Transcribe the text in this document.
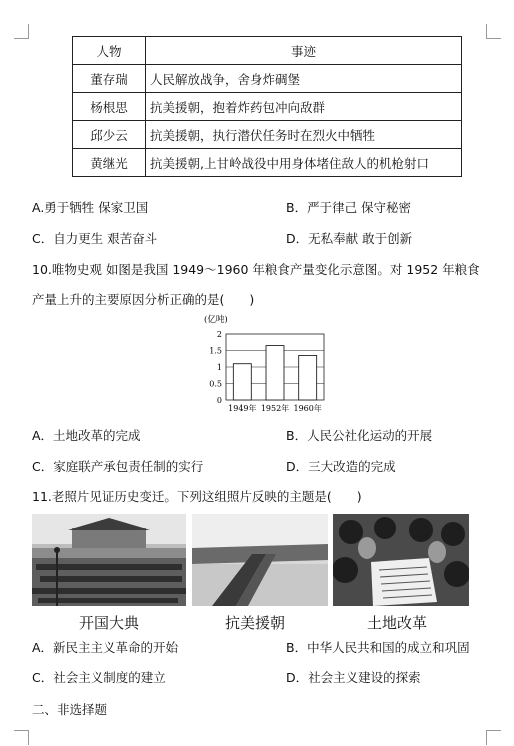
人物	事迹
董存瑞	人民解放战争，舍身炸碉堡
杨根思	抗美援朝，抱着炸药包冲向敌群
邱少云	抗美援朝，执行潜伏任务时在烈火中牺牲
黄继光	抗美援朝,上甘岭战役中用身体堵住敌人的机枪射口
A.勇于牺牲 保家卫国	B．严于律己 保守秘密
C．自力更生 艰苦奋斗	D．无私奉献 敢于创新
10.唯物史观 如图是我国 1949～1960 年粮食产量变化示意图。对 1952 年粮食
产量上升的主要原因分析正确的是(　　)
(亿吨)
0
0.5
1
1.5
2
1949年 1952年 1960年
A．土地改革的完成	B．人民公社化运动的开展
C．家庭联产承包责任制的实行	D．三大改造的完成
11.老照片见证历史变迁。下列这组照片反映的主题是(　　)
开国大典	抗美援朝	土地改革
A．新民主主义革命的开始	B．中华人民共和国的成立和巩固
C．社会主义制度的建立	D．社会主义建设的探索
二、非选择题
